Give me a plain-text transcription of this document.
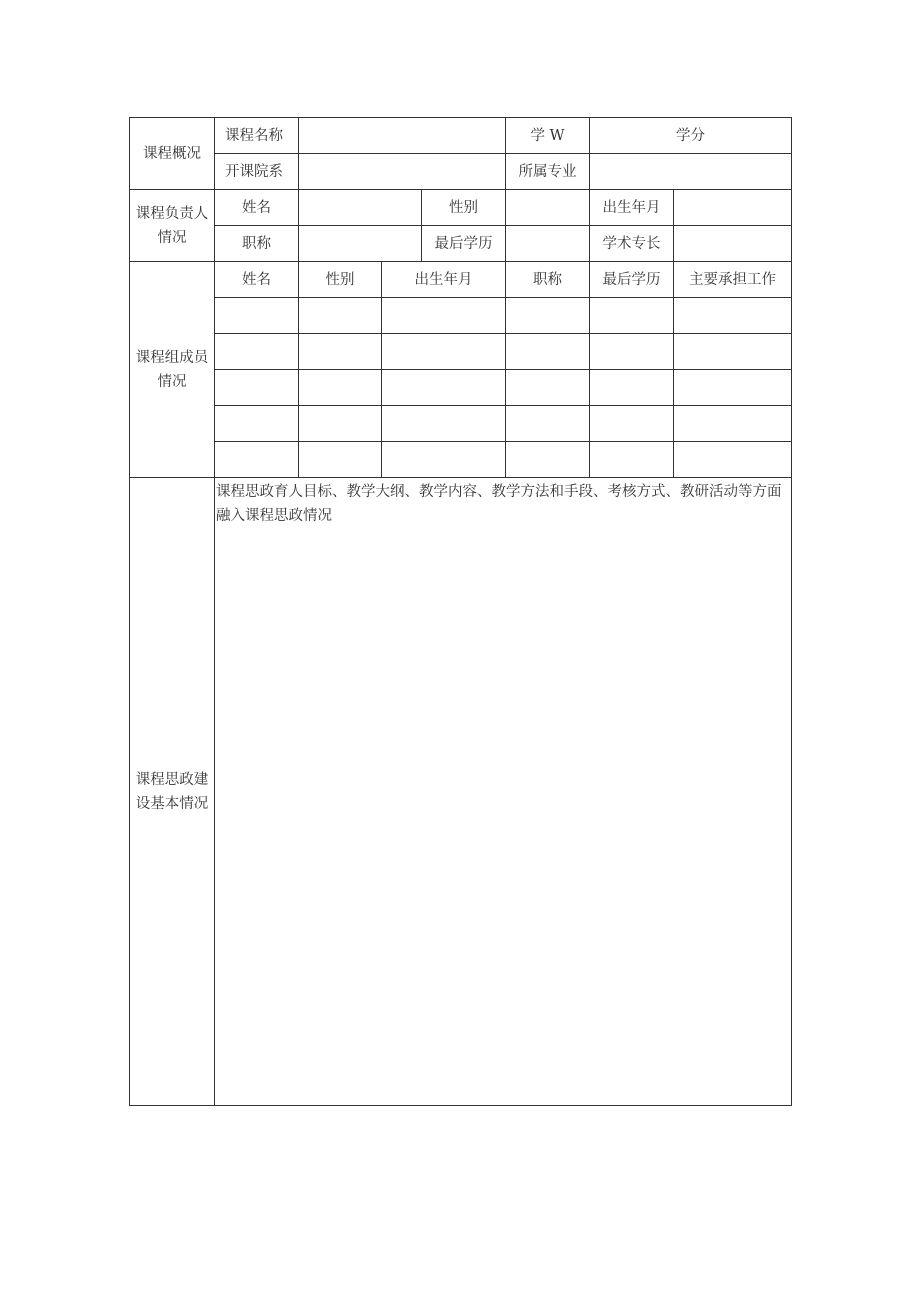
课程概况	课程名称				学 W	学分	
	开课院系				所属专业		
课程负责人
情况	姓名			性别		出生年月	
	职称			最后学历		学术专长	
课程组成员
情况	姓名	性别	出生年月		职称	最后学历	主要承担工作

课程思政建
设基本情况	课程思政育人目标、教学大纲、教学内容、教学方法和手段、考核方式、教研活动等方面融入课程思政情况						
